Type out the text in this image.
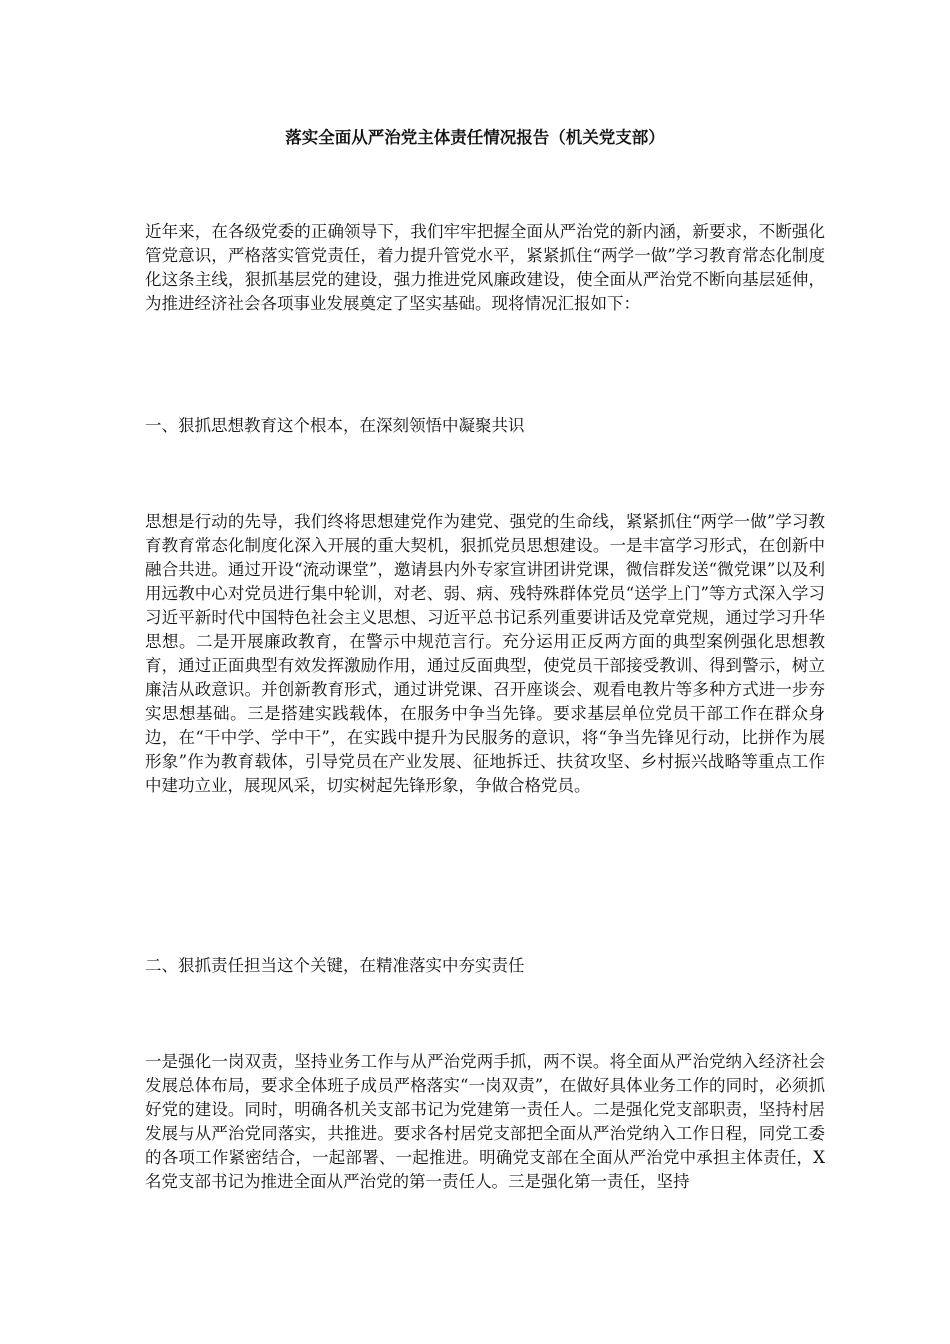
落实全面从严治党主体责任情况报告（机关党支部）

近年来，在各级党委的正确领导下，我们牢牢把握全面从严治党的新内涵，新要求，不断强化管党意识，严格落实管党责任，着力提升管党水平，紧紧抓住“两学一做”学习教育常态化制度化这条主线，狠抓基层党的建设，强力推进党风廉政建设，使全面从严治党不断向基层延伸，为推进经济社会各项事业发展奠定了坚实基础。现将情况汇报如下：

一、狠抓思想教育这个根本，在深刻领悟中凝聚共识

思想是行动的先导，我们终将思想建党作为建党、强党的生命线，紧紧抓住“两学一做”学习教育教育常态化制度化深入开展的重大契机，狠抓党员思想建设。一是丰富学习形式，在创新中融合共进。通过开设“流动课堂”，邀请县内外专家宣讲团讲党课，微信群发送“微党课”以及利用远教中心对党员进行集中轮训，对老、弱、病、残特殊群体党员“送学上门”等方式深入学习习近平新时代中国特色社会主义思想、习近平总书记系列重要讲话及党章党规，通过学习升华思想。二是开展廉政教育，在警示中规范言行。充分运用正反两方面的典型案例强化思想教育，通过正面典型有效发挥激励作用，通过反面典型，使党员干部接受教训、得到警示，树立廉洁从政意识。并创新教育形式，通过讲党课、召开座谈会、观看电教片等多种方式进一步夯实思想基础。三是搭建实践载体，在服务中争当先锋。要求基层单位党员干部工作在群众身边，在“干中学、学中干”，在实践中提升为民服务的意识，将“争当先锋见行动，比拼作为展形象”作为教育载体，引导党员在产业发展、征地拆迁、扶贫攻坚、乡村振兴战略等重点工作中建功立业，展现风采，切实树起先锋形象，争做合格党员。

二、狠抓责任担当这个关键，在精准落实中夯实责任

一是强化一岗双责，坚持业务工作与从严治党两手抓，两不误。将全面从严治党纳入经济社会发展总体布局，要求全体班子成员严格落实“一岗双责”，在做好具体业务工作的同时，必须抓好党的建设。同时，明确各机关支部书记为党建第一责任人。二是强化党支部职责，坚持村居发展与从严治党同落实，共推进。要求各村居党支部把全面从严治党纳入工作日程，同党工委的各项工作紧密结合，一起部署、一起推进。明确党支部在全面从严治党中承担主体责任，X名党支部书记为推进全面从严治党的第一责任人。三是强化第一责任，坚持
